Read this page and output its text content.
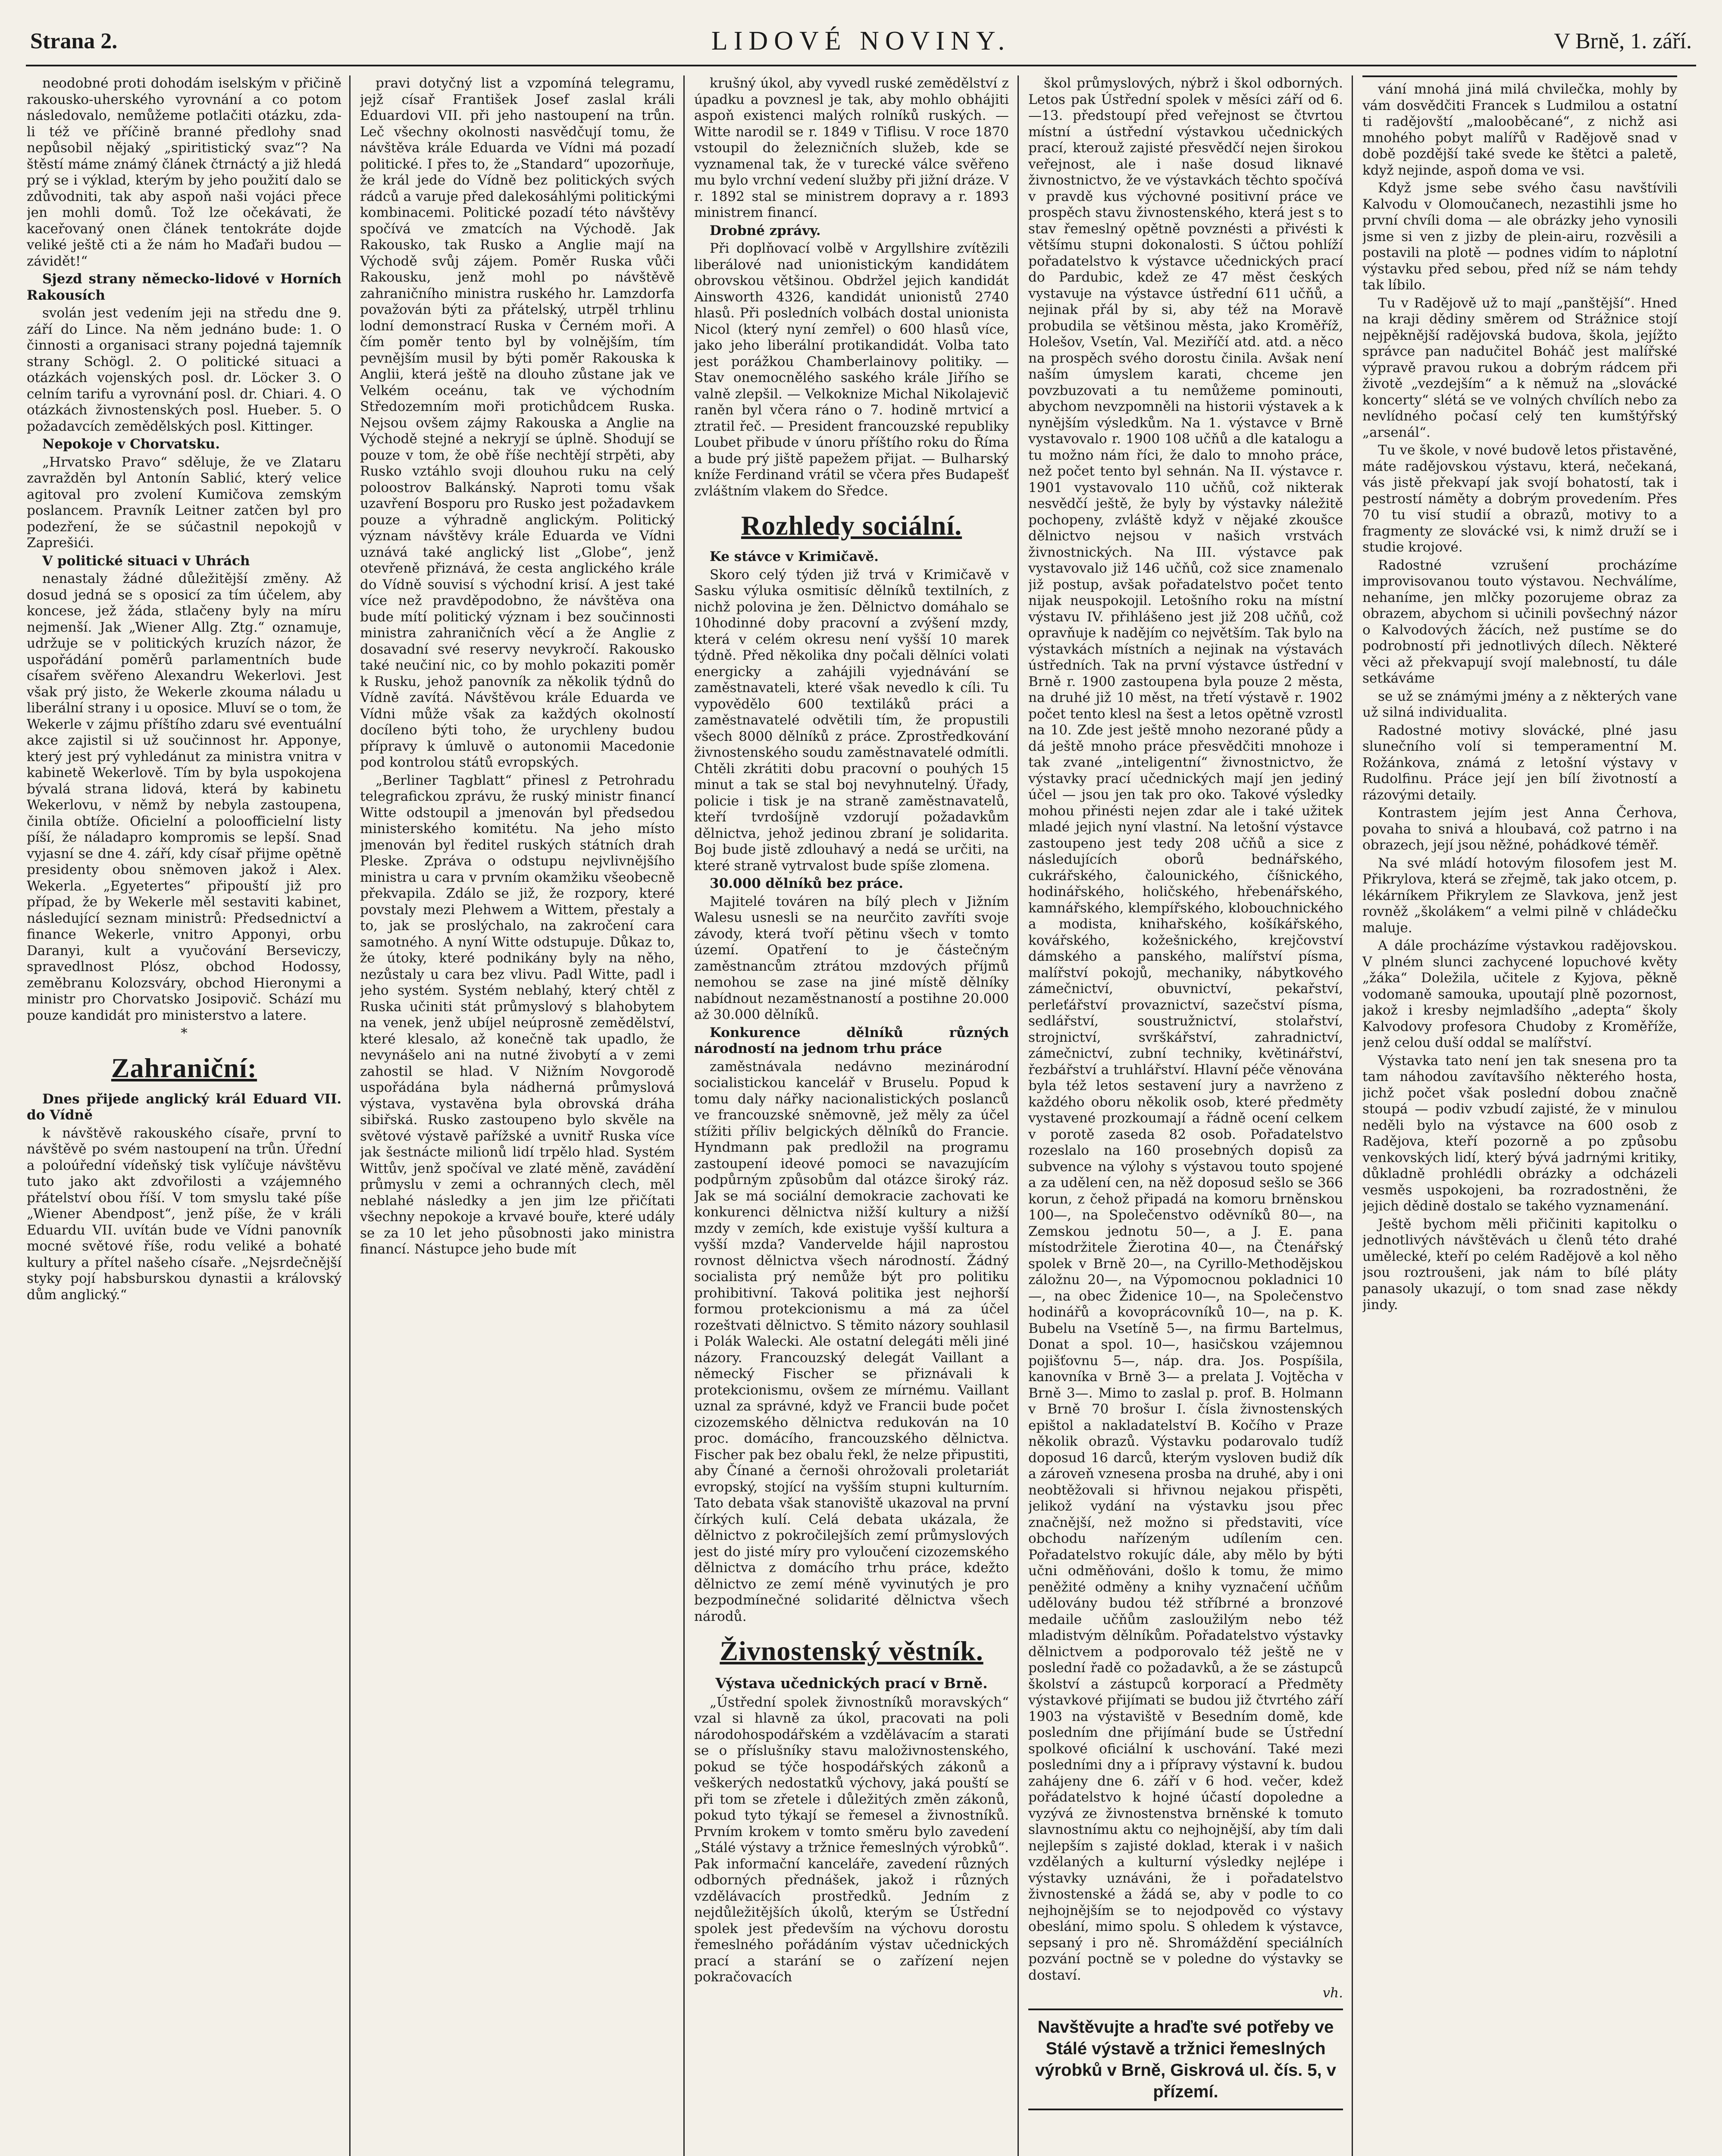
Strana 2.	LIDOVÉ NOVINY.	V Brně, 1. září.

neodobné proti dohodám iselským v přičině rakousko-uherského vyrovnání a co potom následovalo, nemůžeme potlačiti otázku, zda-li též ve příčině branné předlohy snad nepůsobil nějaký „spiritistický svaz“? Na štěstí máme známý článek čtrnáctý a již hledá prý se i výklad, kterým by jeho použití dalo se zdůvodniti, tak aby aspoň naši vojáci přece jen mohli domů. Tož lze očekávati, že kaceřovaný onen článek tentokráte dojde veliké ještě cti a že nám ho Maďaři budou — závidět!“

Sjezd strany německo-lidové v Horních Rakousích

svolán jest vedením jeji na středu dne 9. září do Lince. Na něm jednáno bude: 1. O činnosti a organisaci strany pojedná tajemník strany Schögl. 2. O politické situaci a otázkách vojenských posl. dr. Löcker 3. O celním tarifu a vyrovnání posl. dr. Chiari. 4. O otázkách živnostenských posl. Hueber. 5. O požadavcích zemědělských posl. Kittinger.

Nepokoje v Chorvatsku.

„Hrvatsko Pravo“ sděluje, že ve Zlataru zavražděn byl Antonín Sablić, který velice agitoval pro zvolení Kumičova zemským poslancem. Pravník Leitner zatčen byl pro podezření, že se súčastnil nepokojů v Zaprešići.

V politické situaci v Uhrách

nenastaly žádné důležitější změny. Až dosud jedná se s oposicí za tím účelem, aby koncese, jež žáda, stlačeny byly na míru nejmenší. Jak „Wiener Allg. Ztg.“ oznamuje, udržuje se v politických kruzích názor, že uspořádání poměrů parlamentních bude císařem svěřeno Alexandru Wekerlovi. Jest však prý jisto, že Wekerle zkouma náladu u liberální strany i u oposice. Mluví se o tom, že Wekerle v zájmu příštího zdaru své eventuální akce zajistil si už součinnost hr. Apponye, který jest prý vyhledánut za ministra vnitra v kabinetě Wekerlově. Tím by byla uspokojena bývalá strana lidová, která by kabinetu Wekerlovu, v němž by nebyla zastoupena, činila obtíže. Oficielní a poloofficielní listy píší, že náladapro kompromis se lepší. Snad vyjasní se dne 4. září, kdy císař přijme opětně presidenty obou sněmoven jakož i Alex. Wekerla. „Egyetertes“ připouští již pro případ, že by Wekerle měl sestaviti kabinet, následující seznam ministrů: Předsednictví a finance Wekerle, vnitro Apponyi, orbu Daranyi, kult a vyučování Berseviczy, spravedlnost Plósz, obchod Hodossy, zeměbranu Kolozsváry, obchod Hieronymi a ministr pro Chorvatsko Josipovič. Schází mu pouze kandidát pro ministerstvo a latere.

*
Zahraniční:

Dnes přijede anglický král Eduard VII. do Vídně

k návštěvě rakouského císaře, první to návštěvě po svém nastoupení na trůn. Úřední a poloúřední vídeňský tisk vylíčuje návštěvu tuto jako akt zdvořilosti a vzájemného přátelství obou říší. V tom smyslu také píše „Wiener Abendpost“, jenž píše, že v králi Eduardu VII. uvítán bude ve Vídni panovník mocné světové říše, rodu veliké a bohaté kultury a přítel našeho císaře. „Nejsrdečnější styky pojí habsburskou dynastii a královský dům anglický.“

pravi dotyčný list a vzpomíná telegramu, jejž císař František Josef zaslal králi Eduardovi VII. při jeho nastoupení na trůn. Leč všechny okolnosti nasvědčují tomu, že návštěva krále Eduarda ve Vídni má pozadí politické. I přes to, že „Standard“ upozorňuje, že král jede do Vídně bez politických svých rádců a varuje před dalekosáhlými politickými kombinacemi. Politické pozadí této návštěvy spočívá ve zmatcích na Východě. Jak Rakousko, tak Rusko a Anglie mají na Východě svůj zájem. Poměr Ruska vůči Rakousku, jenž mohl po návštěvě zahraničního ministra ruského hr. Lamzdorfa považován býti za přátelský, utrpěl trhlinu lodní demonstrací Ruska v Černém moři. A čím poměr tento byl by volnějším, tím pevnějším musil by býti poměr Rakouska k Anglii, která ještě na dlouho zůstane jak ve Velkém oceánu, tak ve východním Středozemním moři protichůdcem Ruska. Nejsou ovšem zájmy Rakouska a Anglie na Východě stejné a nekryjí se úplně. Shodují se pouze v tom, že obě říše nechtějí strpěti, aby Rusko vztáhlo svoji dlouhou ruku na celý poloostrov Balkánský. Naproti tomu však uzavření Bosporu pro Rusko jest požadavkem pouze a výhradně anglickým. Politický význam návštěvy krále Eduarda ve Vídni uznává také anglický list „Globe“, jenž otevřeně přiznává, že cesta anglického krále do Vídně souvisí s východní krisí. A jest také více než pravděpodobno, že návštěva ona bude mítí politický význam i bez součinnosti ministra zahraničních věcí a že Anglie z dosavadní své reservy nevykročí. Rakousko také neučiní nic, co by mohlo pokaziti poměr k Rusku, jehož panovník za několik týdnů do Vídně zavítá. Návštěvou krále Eduarda ve Vídni může však za každých okolností docíleno býti toho, že urychleny budou přípravy k úmluvě o autonomii Macedonie pod kontrolou států evropských.

„Berliner Tagblatt“ přinesl z Petrohradu telegrafickou zprávu, že ruský ministr financí Witte odstoupil a jmenován byl předsedou ministerského komitétu. Na jeho místo jmenován byl ředitel ruských státních drah Pleske. Zpráva o odstupu nejvlivnějšího ministra u cara v prvním okamžiku všeobecně překvapila. Zdálo se již, že rozpory, které povstaly mezi Plehwem a Wittem, přestaly a to, jak se prosl͏ýchalo, na zakročení cara samotného. A nyní Witte odstupuje. Důkaz to, že útoky, které podnikány byly na něho, nezůstaly u cara bez vlivu. Padl Witte, padl i jeho systém. Systém neblahý, který chtěl z Ruska učiniti stát průmyslový s blahobytem na venek, jenž ubíjel neúprosně zemědělství, které klesalo, až konečně tak upadlo, že nevynášelo ani na nutné živobytí a v zemi zahostil se hlad. V Nižním Novgorodě uspořádána byla nádherná průmyslová výstava, vystavěna byla obrovská dráha sibiřská. Rusko zastoupeno bylo skvěle na světové výstavě pařížské a uvnitř Ruska více jak šestnácte milionů lidí trpělo hlad. Systém Wittův, jenž spočíval ve zlaté měně, zavádění průmyslu v zemi a ochranných clech, měl neblahé následky a jen jim lze přičítati všechny nepokoje a krvavé bouře, které udály se za 10 let jeho působnosti jako ministra financí. Nástupce jeho bude mít

krušný úkol, aby vyvedl ruské zemědělství z úpadku a povznesl je tak, aby mohlo obhájiti aspoň existenci malých rolníků ruských. — Witte narodil se r. 1849 v Tiflisu. V roce 1870 vstoupil do železničních služeb, kde se vyznamenal tak, že v turecké válce svěřeno mu bylo vrchní vedení služby při jižní dráze. V r. 1892 stal se ministrem dopravy a r. 1893 ministrem financí.

Drobné zprávy.

Při doplňovací volbě v Argyllshire zvítězili liberálové nad unionistickým kandidátem obrovskou většinou. Obdržel jejich kandidát Ainsworth 4326, kandidát unionistů 2740 hlasů. Při posledních volbách dostal unionista Nicol (který nyní zemřel) o 600 hlasů více, jako jeho liberální protikandidát. Volba tato jest porážkou Chamberlainovy politiky. — Stav onemocnělého saského krále Jiřího se valně zlepšil. — Velkoknize Michal Nikolajevič raněn byl včera ráno o 7. hodině mrtvicí a ztratil řeč. — President francouzské republiky Loubet přibude v únoru příštího roku do Říma a bude prý jiště papežem přijat. — Bulharský kníže Ferdinand vrátil se včera přes Budapešť zvláštním vlakem do Sředce.

Rozhledy sociální.

Ke stávce v Krimičavě.

Skoro celý týden již trvá v Krimičavě v Sasku výluka osmitisíc dělníků textilních, z nichž polovina je žen. Dělnictvo domáhalo se 10hodinné doby pracovní a zvýšení mzdy, která v celém okresu není vyšší 10 marek týdně. Před několika dny počali dělníci volati energicky a zahájili vyjednávání se zaměstnavateli, které však nevedlo k cíli. Tu vypovědělo 600 textiláků práci a zaměstnavatelé odvětili tím, že propustili všech 8000 dělníků z práce. Zprostředkování živnostenského soudu zaměstnavatelé odmítli. Chtěli zkrátiti dobu pracovní o pouhých 15 minut a tak se stal boj nevyhnutelný. Úřady, policie i tisk je na straně zaměstnavatelů, kteří tvrdošíjně vzdorují požadavkům dělnictva, jehož jedinou zbraní je solidarita. Boj bude jistě zdlouhavý a nedá se určiti, na které straně vytrvalost bude spíše zlomena.

30.000 dělníků bez práce.

Majitelé továren na bílý plech v Jižním Walesu usnesli se na neurčito zavříti svoje závody, která tvoří pětinu všech v tomto území. Opatření to je částečným zaměstnancům ztrátou mzdových příjmů nemohou se zase na jiné místě dělníky nabídnout nezaměstnaností a postihne 20.000 až 30.000 dělníků.

Konkurence dělníků různých národností na jednom trhu práce

zaměstnávala nedávno mezinárodní socialistickou kancelář v Bruselu. Popud k tomu daly nářky nacionalistických poslanců ve francouzské sněmovně, jež měly za účel stížiti příliv belgických dělníků do Francie. Hyndmann pak predložil na programu zastoupení ideové pomoci se navazujícím podpůrným způsobům dal otázce široký ráz. Jak se má sociální demokracie zachovati ke konkurenci dělnictva nižší kultury a nižší mzdy v zemích, kde existuje vyšší kultura a vyšší mzda? Vandervelde hájil naprostou rovnost dělnictva všech národností. Žádný socialista prý nemůže být pro politiku prohibitivní. Taková politika jest nejhorší formou protekcionismu a má za účel rozeštvati dělnictvo. S těmito názory souhlasil i Polák Walecki. Ale ostatní delegáti měli jiné názory. Francouzský delegát Vaillant a německý Fischer se přiznávali k protekcionismu, ovšem ze mírnému. Vaillant uznal za správné, když ve Francii bude počet cizozemského dělnictva redukován na 10 proc. domácího, francouzského dělnictva. Fischer pak bez obalu řekl, že nelze připustiti, aby Čínané a černoši ohrožovali proletariát evropský, stojící na vyšším stupni kulturním. Tato debata však stanoviště ukazoval na první čírkých kulí. Celá debata ukázala, že dělnictvo z pokročilejších zemí průmyslových jest do jisté míry pro vyloučení cizozemského dělnictva z domácího trhu práce, kdežto dělnictvo ze zemí méně vyvinutých je pro bezpodmínečné solidarité dělnictva všech národů.

Živnostenský věstník.
Výstava učednických prací v Brně.

„Ústřední spolek živnostníků moravských“ vzal si hlavně za úkol, pracovati na poli národohospodářském a vzdělávacím a starati se o příslušníky stavu maloživnostenského, pokud se týče hospodářských zákonů a veškerých nedostatků výchovy, jaká pouští se při tom se zřetele i důležitých změn zákonů, pokud tyto týkají se řemesel a živnostníků. Prvním krokem v tomto směru bylo zavedení „Stálé výstavy a tržnice řemeslných výrobků“. Pak informační kanceláře, zavedení různých odborných přednášek, jakož i různých vzdělávacích prostředků. Jedním z nejdůležitějších úkolů, kterým se Ústřední spolek jest především na výchovu dorostu řemeslného pořádáním výstav učednických prací a starání se o zařízení nejen pokračovacích

škol průmyslových, nýbrž i škol odborných. Letos pak Ústřední spolek v měsíci září od 6.—13. předstoupí před veřejnost se čtvrtou místní a ústřední výstavkou učednických prací, kterouž zajisté přesvědčí nejen širokou veřejnost, ale i naše dosud liknavé živnostnictvo, že ve výstavkách těchto spočívá v pravdě kus výchovné positivní práce ve prospěch stavu živnostenského, která jest s to stav řemeslný opětně povznésti a přivésti k většímu stupni dokonalosti. S účtou pohlíží pořadatelstvo k výstavce učednických prací do Pardubic, kdež ze 47 měst českých vystavuje na výstavce ústřední 611 učňů, a nejinak přál by si, aby též na Moravě probudila se většinou města, jako Kroměříž, Holešov, Vsetín, Val. Meziříčí atd. atd. a něco na prospěch svého dorostu činila. Avšak není naším úmyslem karati, chceme jen povzbuzovati a tu nemůžeme pominouti, abychom nevzpomněli na historii výstavek a k nynějším výsledkům. Na 1. výstavce v Brně vystavovalo r. 1900 108 učňů a dle katalogu a tu možno nám říci, že dalo to mnoho práce, než počet tento byl sehnán. Na II. výstavce r. 1901 vystavovalo 110 učňů, což nikterak nesvědčí ještě, že byly by výstavky náležitě pochopeny, zvláště když v nějaké zkoušce dělnictvo nejsou v našich vrstvách živnostnických. Na III. výstavce pak vystavovalo již 146 učňů, což sice znamenalo již postup, avšak pořadatelstvo počet tento nijak neuspokojil. Letošního roku na místní výstavu IV. přihlášeno jest již 208 učňů, což opravňuje k nadějím co největším. Tak bylo na výstavkách místních a nejinak na výstavách ústředních. Tak na první výstavce ústřední v Brně r. 1900 zastoupena byla pouze 2 města, na druhé již 10 měst, na třetí výstavě r. 1902 počet tento klesl na šest a letos opětně vzrostl na 10. Zde jest ještě mnoho nezorané půdy a dá ještě mnoho práce přesvědčiti mnohoze i tak zvané „inteligentní“ živnostnictvo, že výstavky prací učednických mají jen jediný účel — jsou jen tak pro oko. Takové výsledky mohou přinésti nejen zdar ale i také užitek mladé jejich nyní vlastní. Na letošní výstavce zastoupeno jest tedy 208 učňů a sice z následujících oborů bednářského, cukrářského, čalounického, číšnického, hodinářského, holičského, hřebenářského, kamnářského, klempířského, klobouchnického a modista, knihařského, košíkářského, kovářského, kožešnického, krejčovství dámského a panského, malířství písma, malířství pokojů, mechaniky, nábytkového zámečnictví, obuvnictví, pekařství, perleťářství provaznictví, sazečství písma, sedlářství, soustružnictví, stolařství, strojnictví, svrškářství, zahradnictví, zámečnictví, zubní techniky, květinářství, řezbářství a truhlářství. Hlavní péče věnována byla též letos sestavení jury a navrženo z každého oboru několik osob, které předměty vystavené prozkoumají a řádně ocení celkem v porotě zaseda 82 osob. Pořadatelstvo rozeslalo na 160 prosebných dopisů za subvence na výlohy s výstavou touto spojené a za udělení cen, na něž doposud sešlo se 366 korun, z čehož připadá na komoru brněnskou 100—, na Společenstvo oděvníků 80—, na Zemskou jednotu 50—, a J. E. pana místodržitele Žierotina 40—, na Čtenářský spolek v Brně 20—, na Cyrillo-Methodějskou záložnu 20—, na Výpomocnou pokladnici 10—, na obec Židenice 10—, na Společenstvo hodinářů a kovoprácovníků 10—, na p. K. Bubelu na Vsetíně 5—, na firmu Bartelmus, Donat a spol. 10—, hasičskou vzájemnou pojišťovnu 5—, náp. dra. Jos. Pospíšila, kanovníka v Brně 3— a prelata J. Vojtěcha v Brně 3—. Mimo to zaslal p. prof. B. Holmann v Brně 70 brošur I. čísla živnostenských epištol a nakladatelství B. Kočího v Praze několik obrazů. Výstavku podarovalo tudíž doposud 16 darců, kterým vysloven budiž dík a zároveň vznesena prosba na druhé, aby i oni neobtěžovali si hřivnou nejakou přispěti, jelikož vydání na výstavku jsou přec značnější, než možno si představiti, více obchodu nařízeným udílením cen. Pořadatelstvo rokujíc dále, aby mělo by býti učni odměňováni, došlo k tomu, že mimo peněžité odměny a knihy vyznačení učňům udělovány budou též stříbrné a bronzové medaile učňům zasloužilým nebo též mladistvým dělníkům. Pořadatelstvo výstavky dělnictvem a podporovalo též ještě ne v poslední řadě co požadavků, a že se zástupců školství a zástupců korporací a Předměty výstavkové přijímati se budou již čtvrtého září 1903 na výstaviště v Besedním domě, kde posledním dne přijímání bude se Ústřední spolkové oficiální k uschování. Také mezi posledními dny a i přípravy výstavní k. budou zahájeny dne 6. září v 6 hod. večer, kdež pořádatelstvo k hojné účastí dopoledne a vyzývá ze živnostenstva brněnské k tomuto slavnostnímu aktu co nejhojnější, aby tím dali nejlepším s zajisté doklad, kterak i v našich vzdělaných a kulturní výsledky nejlépe i výstavky uznáváni, že i pořadatelstvo živnostenské a žádá se, aby v podle to co nejhojnějším se to nejodpověd co výstavy obeslání, mimo spolu. S ohledem k výstavce, sepsaný i pro ně. Shromáždění speciálních pozvání poctně se v poledne do výstavky se dostaví.

vh.
Navštěvujte a hraďte své potřeby ve Stálé výstavě a tržnici řemeslných výrobků v Brně, Giskrová ul. čís. 5, v přízemí.

vání mnohá jiná milá chvilečka, mohly by vám dosvědčiti Francek s Ludmilou a ostatní ti radějovští „malooběcané“, z nichž asi mnohého pobyt malířů v Radějově snad v době pozdější také svede ke štětci a paletě, když nejinde, aspoň doma ve vsi.

Když jsme sebe svého času navštívili Kalvodu v Olomoučanech, nezastihli jsme ho první chvíli doma — ale obrázky jeho vynosili jsme si ven z jizby de plein-airu, rozvěsili a postavili na plotě — podnes vidím to náplotní výstavku před sebou, před níž se nám tehdy tak líbilo.

Tu v Radějově už to mají „panštější“. Hned na kraji dědiny směrem od Strážnice stojí nejpěknější radějovská budova, škola, jejížto správce pan nadučitel Boháč jest malířské výpravě pravou rukou a dobrým rádcem při životě „vezdejším“ a k němuž na „slovácké koncerty“ slétá se ve volných chvílích nebo za nevlídného počasí celý ten kumštýřský „arsenál“.

Tu ve škole, v nové budově letos přistavěné, máte radějovskou výstavu, která, nečekaná, vás jistě překvapí jak svojí bohatostí, tak i pestrostí náměty a dobrým provedením. Přes 70 tu visí studií a obrazů, motivy to a fragmenty ze slovácké vsi, k nimž druží se i studie krojové.

Radostné vzrušení procházíme improvisovanou touto výstavou. Nechválíme, nehaníme, jen mlčky pozorujeme obraz za obrazem, abychom si učinili povšechný názor o Kalvodových žácích, než pustíme se do podrobností při jednotlivých dílech. Některé věci až překvapují svojí malebností, tu dále setkáváme

se už se známými jmény a z některých vane už silná individualita.

Radostné motivy slovácké, plné jasu slunečního volí si temperamentní M. Rožánkova, známá z letošní výstavy v Rudolfinu. Práce její jen bílí životností a rázovými detaily.

Kontrastem jejím jest Anna Čerhova, povaha to snivá a hloubavá, což patrno i na obrazech, její jsou něžné, pohádkové téměř.

Na své mládí hotovým filosofem jest M. Přikrylova, která se zřejmě, tak jako otcem, p. lékárníkem Přikrylem ze Slavkova, jenž jest rovněž „školákem“ a velmi pilně v chládečku maluje.

A dále procházíme výstavkou radějovskou. V plném slunci zachycené lopuchové květy „žáka“ Doležila, učitele z Kyjova, pěkně vodomaně samouka, upoutají plně pozornost, jakož i kresby nejmladšího „adepta“ školy Kalvodovy profesora Chudoby z Kroměříže, jenž celou duší oddal se malířství.

Výstavka tato není jen tak snesena pro ta tam náhodou zavítavšího některého hosta, jichž počet však poslední dobou značně stoupá — podiv vzbudí zajisté, že v minulou neděli bylo na výstavce na 600 osob z Radějova, kteří pozorně a po způsobu venkovských lidí, který bývá jadrnými kritiky, důkladně prohlédli obrázky a odcházeli vesměs uspokojeni, ba rozradostněni, že jejich dědině dostalo se takého vyznamenání.

Ještě bychom měli přičiniti kapitolku o jednotlivých návštěvách u členů této drahé umělecké, kteří po celém Radějově a kol něho jsou roztroušeni, jak nám to bílé pláty panasoly ukazují, o tom snad zase někdy jindy.
